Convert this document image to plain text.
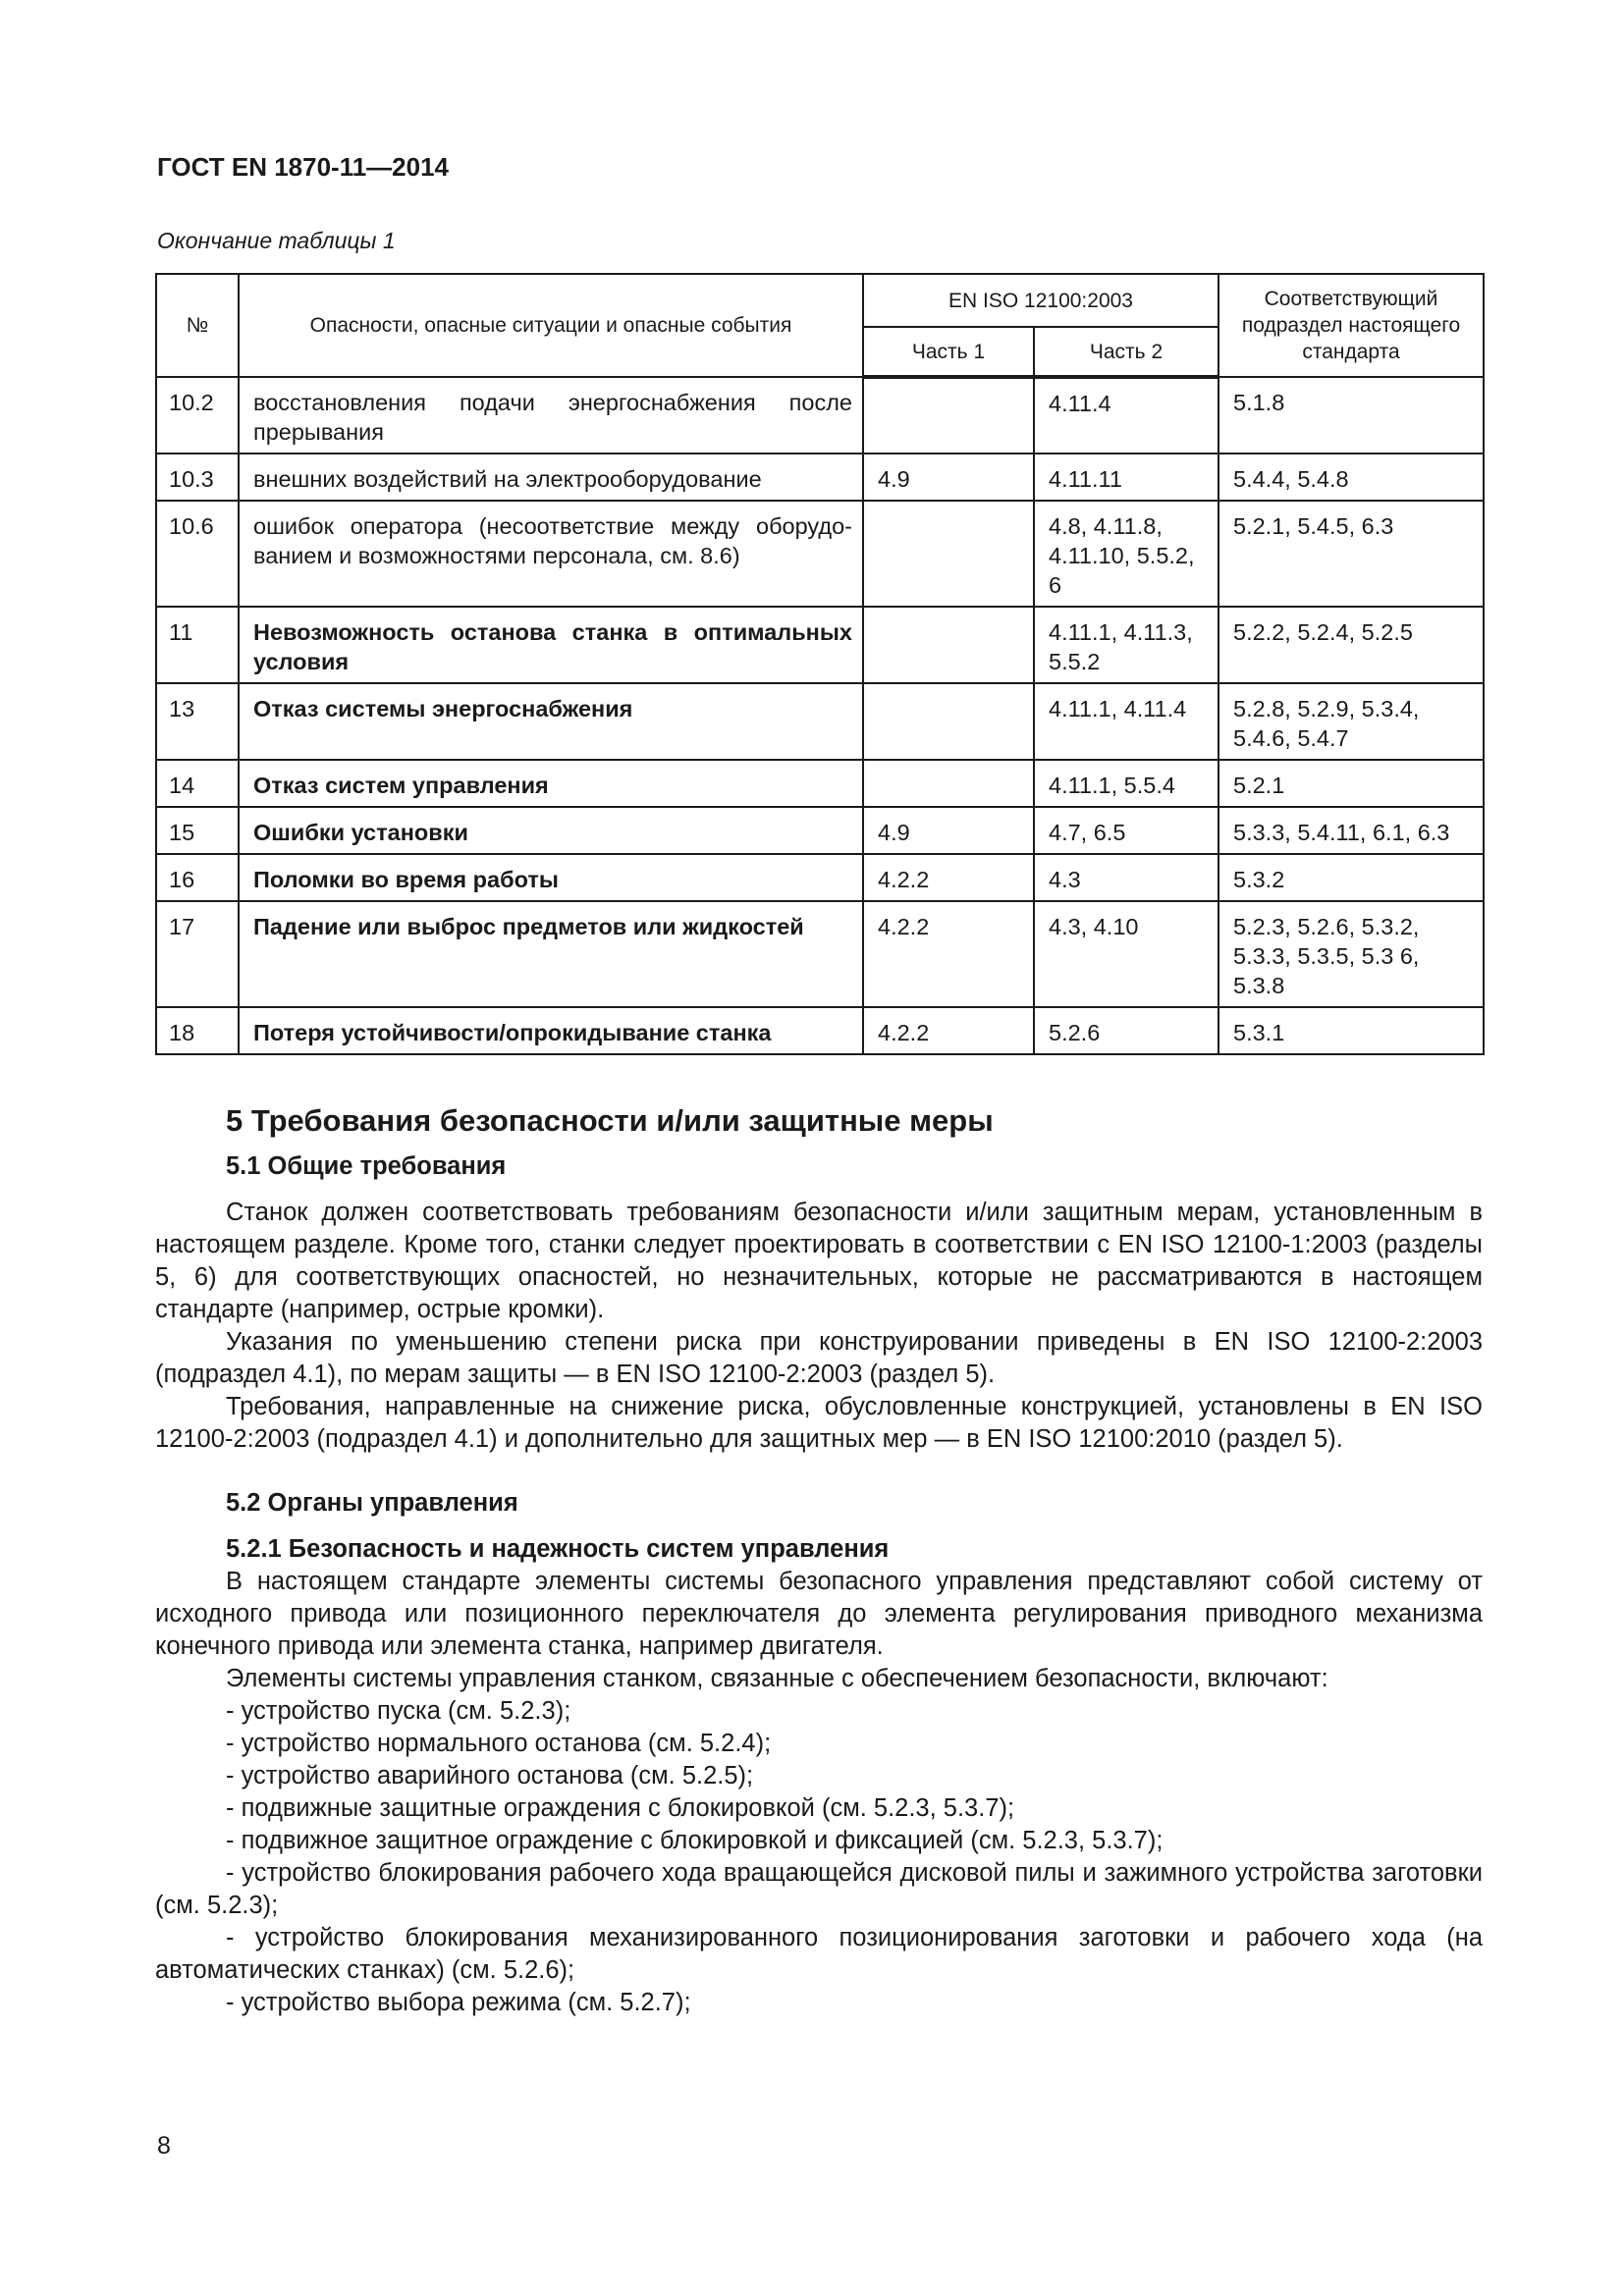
ГОСТ EN 1870-11—2014
Окончание таблицы 1
№	Опасности, опасные ситуации и опасные события	EN ISO 12100:2003		Соответствующий подраздел настоящего стандарта
		Часть 1	Часть 2	
10.2	восстановления подачи энергоснабжения после прерывания		4.11.4	5.1.8
10.3	внешних воздействий на электрооборудование	4.9	4.11.11	5.4.4, 5.4.8
10.6	ошибок оператора (несоответствие между оборудованием и возможностями персонала, см. 8.6)		4.8, 4.11.8, 4.11.10, 5.5.2, 6	5.2.1, 5.4.5, 6.3
11	Невозможность останова станка в оптимальных условия		4.11.1, 4.11.3, 5.5.2	5.2.2, 5.2.4, 5.2.5
13	Отказ системы энергоснабжения		4.11.1, 4.11.4	5.2.8, 5.2.9, 5.3.4, 5.4.6, 5.4.7
14	Отказ систем управления		4.11.1, 5.5.4	5.2.1
15	Ошибки установки	4.9	4.7, 6.5	5.3.3, 5.4.11, 6.1, 6.3
16	Поломки во время работы	4.2.2	4.3	5.3.2
17	Падение или выброс предметов или жидкостей	4.2.2	4.3, 4.10	5.2.3, 5.2.6, 5.3.2, 5.3.3, 5.3.5, 5.3 6, 5.3.8
18	Потеря устойчивости/опрокидывание станка	4.2.2	5.2.6	5.3.1
5 Требования безопасности и/или защитные меры
5.1 Общие требования

Станок должен соответствовать требованиям безопасности и/или защитным мерам, установленным в настоящем разделе. Кроме того, станки следует проектировать в соответствии с EN ISO 12100-1:2003 (разделы 5, 6) для соответствующих опасностей, но незначительных, которые не рассматриваются в настоящем стандарте (например, острые кромки).

Указания по уменьшению степени риска при конструировании приведены в EN ISO 12100-2:2003 (подраздел 4.1), по мерам защиты — в EN ISO 12100-2:2003 (раздел 5).

Требования, направленные на снижение риска, обусловленные конструкцией, установлены в EN ISO 12100-2:2003 (подраздел 4.1) и дополнительно для защитных мер — в EN ISO 12100:2010 (раздел 5).

5.2 Органы управления
5.2.1 Безопасность и надежность систем управления

В настоящем стандарте элементы системы безопасного управления представляют собой систему от исходного привода или позиционного переключателя до элемента регулирования приводного механизма конечного привода или элемента станка, например двигателя.

Элементы системы управления станком, связанные с обеспечением безопасности, включают:

- устройство пуска (см. 5.2.3);

- устройство нормального останова (см. 5.2.4);

- устройство аварийного останова (см. 5.2.5);

- подвижные защитные ограждения с блокировкой (см. 5.2.3, 5.3.7);

- подвижное защитное ограждение с блокировкой и фиксацией (см. 5.2.3, 5.3.7);

- устройство блокирования рабочего хода вращающейся дисковой пилы и зажимного устройства заготовки (см. 5.2.3);

- устройство блокирования механизированного позиционирования заготовки и рабочего хода (на автоматических станках) (см. 5.2.6);

- устройство выбора режима (см. 5.2.7);

8
